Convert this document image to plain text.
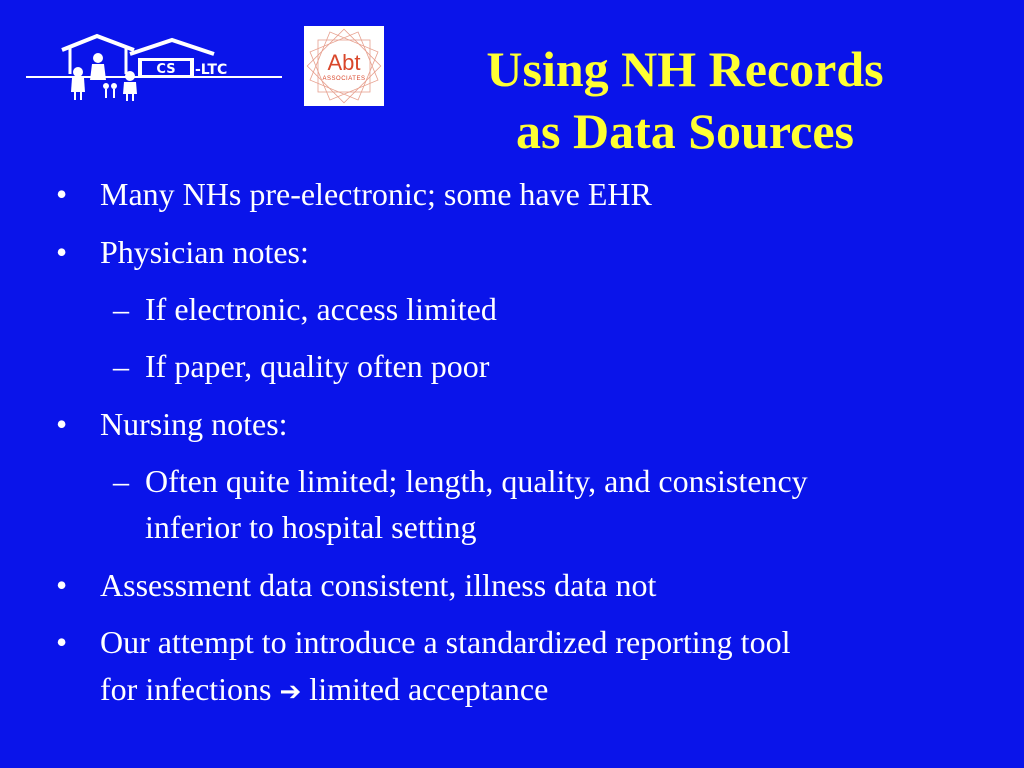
CS -LTC	Abt
ASSOCIATES	Using NH Records
as Data Sources
• Many NHs pre-electronic; some have EHR
• Physician notes:
– If electronic, access limited
– If paper, quality often poor
• Nursing notes:
– Often quite limited; length, quality, and consistency
inferior to hospital setting
• Assessment data consistent, illness data not
• Our attempt to introduce a standardized reporting tool
for infections ➔ limited acceptance
